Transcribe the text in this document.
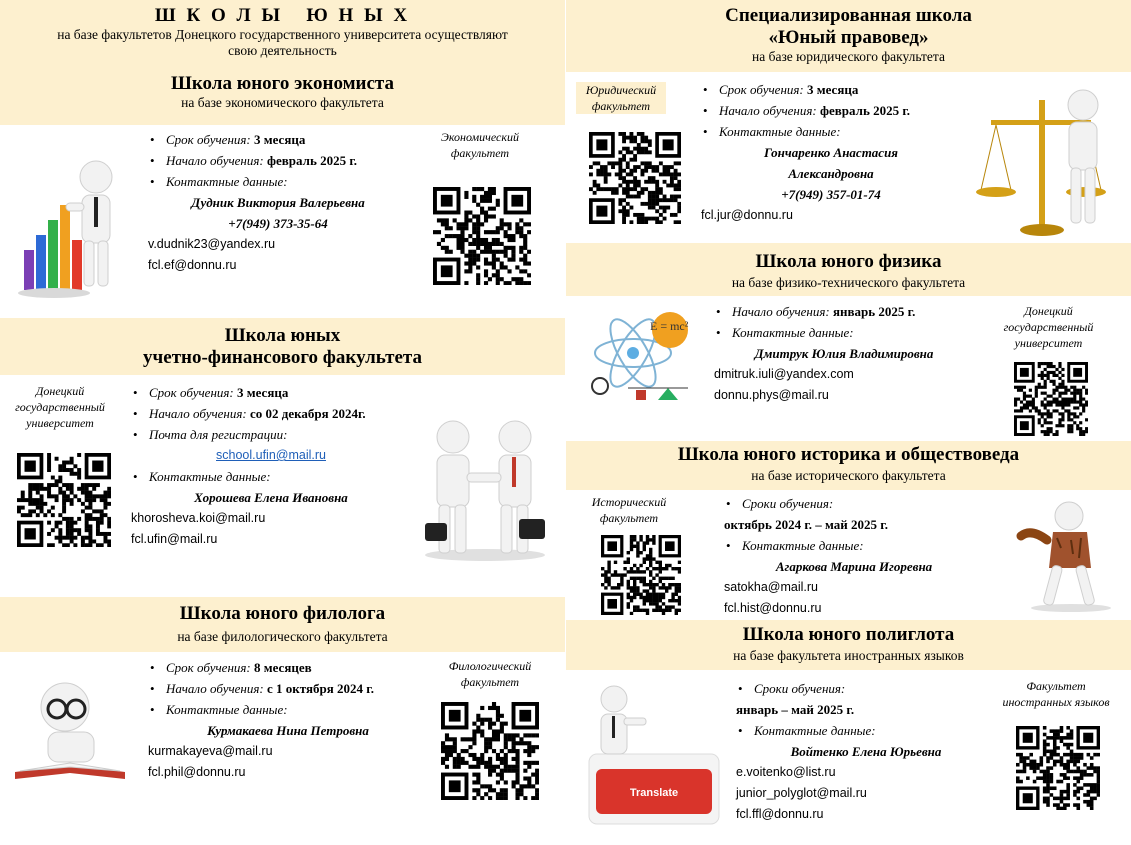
Ш К О Л Ы   Ю Н Ы Х
на базе факультетов Донецкого государственного университета осуществляют
свою деятельность
Школа юного экономиста
на базе экономического факультета
• Срок обучения: 3 месяца
• Начало обучения: февраль 2025 г.
• Контактные данные:
Дудник Виктория Валерьевна
+7(949) 373-35-64
v.dudnik23@yandex.ru
fcl.ef@donnu.ru
Экономический
факультет
Школа юных
учетно-финансового факультета
Донецкий
государственный
университет
• Срок обучения: 3 месяца
• Начало обучения: со 02 декабря 2024г.
• Почта для регистрации:
school.ufin@mail.ru
• Контактные данные:
Хорошева Елена Ивановна
khorosheva.koi@mail.ru
fcl.ufin@mail.ru
Школа юного филолога
на базе филологического факультета
• Срок обучения: 8 месяцев
• Начало обучения: с 1 октября 2024 г.
• Контактные данные:
Курмакаева Нина Петровна
kurmakayeva@mail.ru
fcl.phil@donnu.ru
Филологический
факультет
Специализированная школа
«Юный правовед»
на базе юридического факультета
Юридический
факультет
• Срок обучения: 3 месяца
• Начало обучения: февраль 2025 г.
• Контактные данные:
Гончаренко Анастасия
Александровна
+7(949) 357-01-74
fcl.jur@donnu.ru
Школа юного физика
на базе физико-технического факультета
E = mc²
• Начало обучения: январь 2025 г.
• Контактные данные:
Дмитрук Юлия Владимировна
dmitruk.iuli@yandex.com
donnu.phys@mail.ru
Донецкий
государственный
университет
Школа юного историка и обществоведа
на базе исторического факультета
Исторический
факультет
• Сроки обучения:
октябрь 2024 г. – май 2025 г.
• Контактные данные:
Агаркова Марина Игоревна
satokha@mail.ru
fcl.hist@donnu.ru
Школа юного полиглота
на базе факультета иностранных языков
Translate
• Сроки обучения:
январь – май 2025 г.
• Контактные данные:
Войтенко Елена Юрьевна
e.voitenko@list.ru
junior_polyglot@mail.ru
fcl.ffl@donnu.ru
Факультет
иностранных языков
